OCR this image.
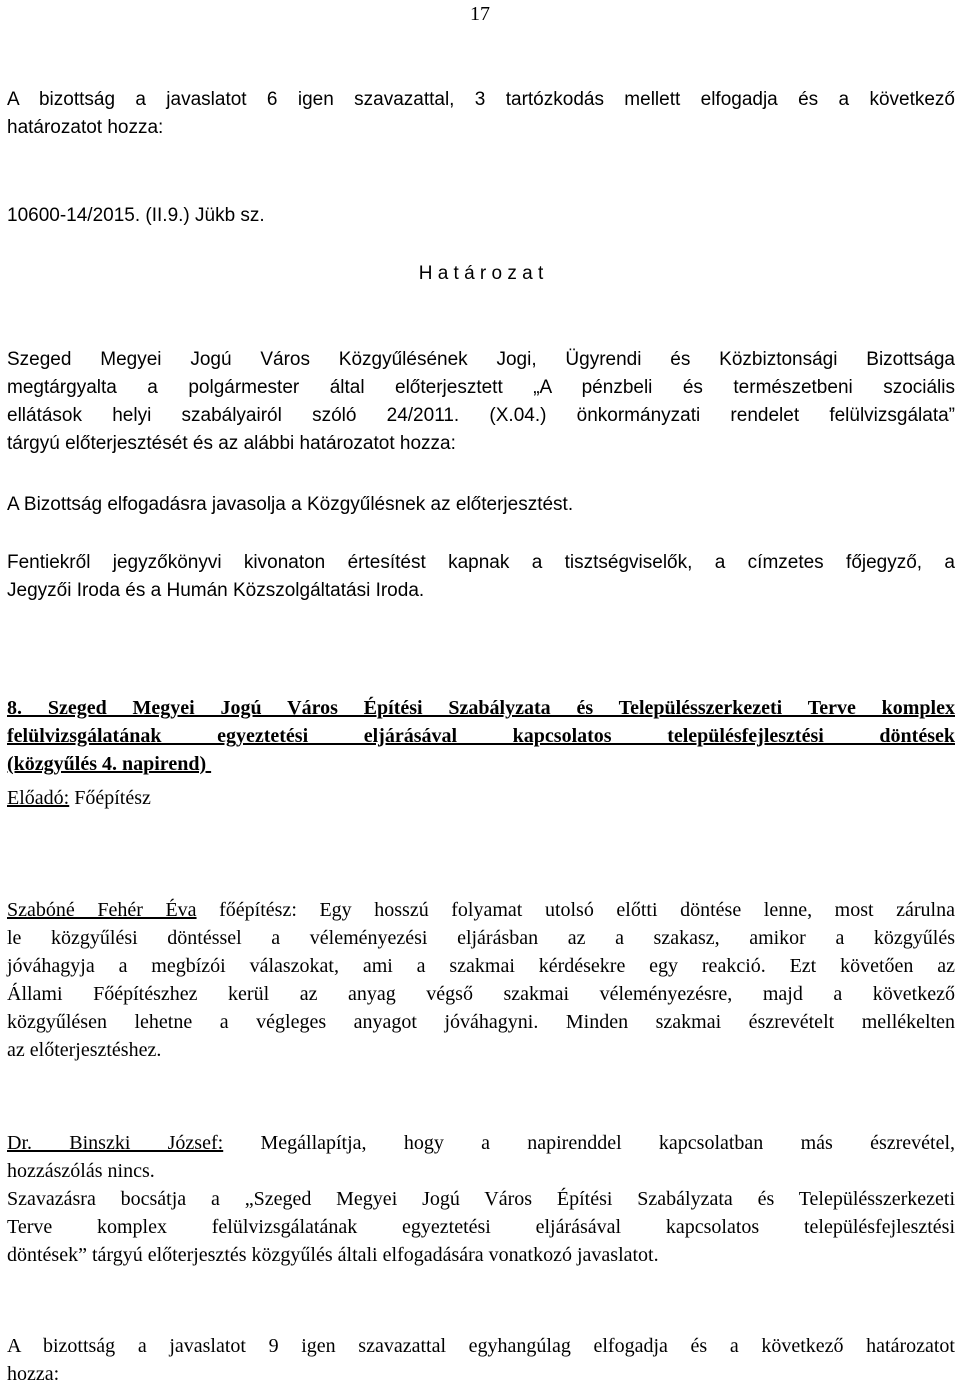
17
A bizottság a javaslatot 6 igen szavazattal, 3 tartózkodás mellett elfogadja és a következő
határozatot hozza:
10600-14/2015. (II.9.) Jükb sz.
H a t á r o z a t
Szeged Megyei Jogú Város Közgyűlésének Jogi, Ügyrendi és Közbiztonsági Bizottsága
megtárgyalta a polgármester által előterjesztett „A pénzbeli és természetbeni szociális
ellátások helyi szabályairól szóló 24/2011. (X.04.) önkormányzati rendelet felülvizsgálata”
tárgyú előterjesztését és az alábbi határozatot hozza:
A Bizottság elfogadásra javasolja a Közgyűlésnek az előterjesztést.
Fentiekről jegyzőkönyvi kivonaton értesítést kapnak a tisztségviselők, a címzetes főjegyző, a
Jegyzői Iroda és a Humán Közszolgáltatási Iroda.
8. Szeged Megyei Jogú Város Építési Szabályzata és Településszerkezeti Terve komplex
felülvizsgálatának egyeztetési eljárásával kapcsolatos településfejlesztési döntések
(közgyűlés 4. napirend)
Előadó: Főépítész
Szabóné Fehér Éva főépítész: Egy hosszú folyamat utolsó előtti döntése lenne, most zárulna
le közgyűlési döntéssel a véleményezési eljárásban az a szakasz, amikor a közgyűlés
jóváhagyja a megbízói válaszokat, ami a szakmai kérdésekre egy reakció. Ezt követően az
Állami Főépítészhez kerül az anyag végső szakmai véleményezésre, majd a következő
közgyűlésen lehetne a végleges anyagot jóváhagyni. Minden szakmai észrevételt mellékelten
az előterjesztéshez.
Dr. Binszki József: Megállapítja, hogy a napirenddel kapcsolatban más észrevétel,
hozzászólás nincs.
Szavazásra bocsátja a „Szeged Megyei Jogú Város Építési Szabályzata és Településszerkezeti
Terve komplex felülvizsgálatának egyeztetési eljárásával kapcsolatos településfejlesztési
döntések” tárgyú előterjesztés közgyűlés általi elfogadására vonatkozó javaslatot.
A bizottság a javaslatot 9 igen szavazattal egyhangúlag elfogadja és a következő határozatot
hozza:
